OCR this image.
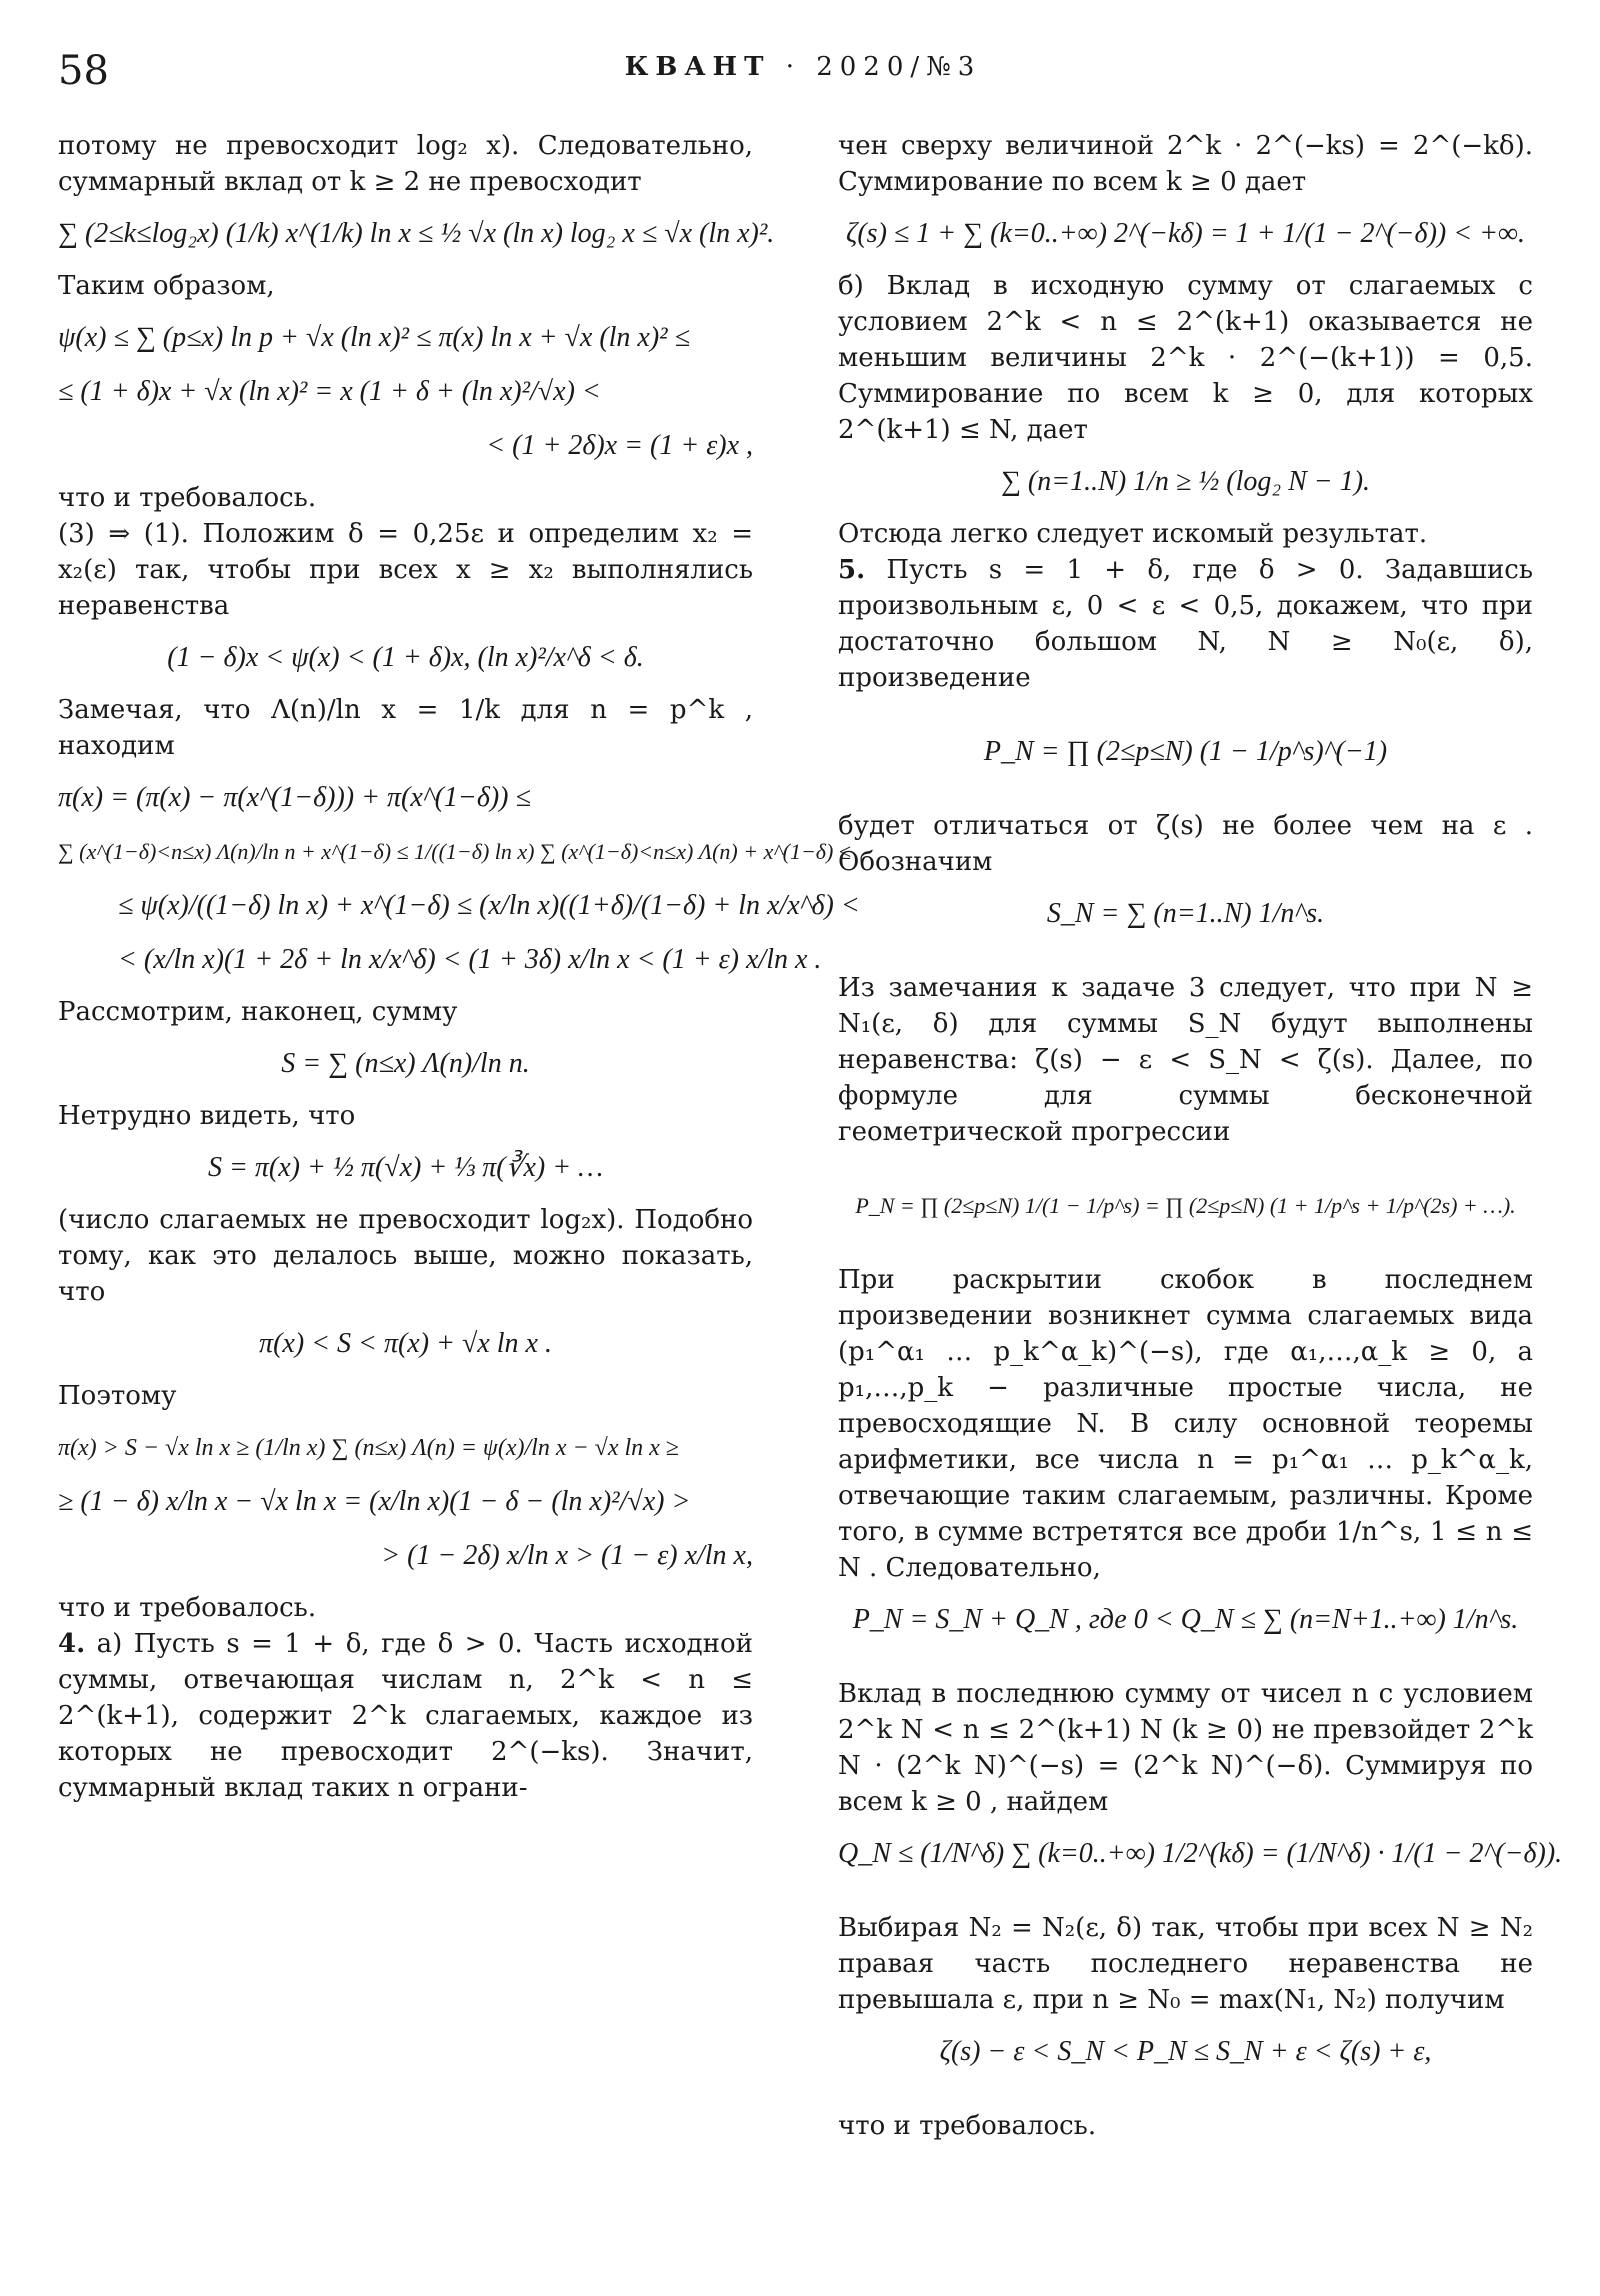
58	КВАНТ · 2020/№3

потому не превосходит log₂ x). Следовательно, суммарный вклад от k ≥ 2 не превосходит

∑ (2≤k≤log₂x) (1/k) x^(1/k) ln x ≤ ½ √x (ln x) log₂ x ≤ √x (ln x)².

Таким образом,

ψ(x) ≤ ∑ (p≤x) ln p + √x (ln x)² ≤ π(x) ln x + √x (ln x)² ≤
≤ (1 + δ)x + √x (ln x)² = x (1 + δ + (ln x)²/√x) <
< (1 + 2δ)x = (1 + ε)x ,

что и требовалось.

(3) ⇒ (1). Положим δ = 0,25ε и определим x₂ = x₂(ε) так, чтобы при всех x ≥ x₂ выполнялись неравенства

(1 − δ)x < ψ(x) < (1 + δ)x, (ln x)²/x^δ < δ.

Замечая, что Λ(n)/ln x = 1/k для n = p^k , находим

π(x) = (π(x) − π(x^(1−δ))) + π(x^(1−δ)) ≤
∑ (x^(1−δ)<n≤x) Λ(n)/ln n + x^(1−δ) ≤ 1/((1−δ) ln x) ∑ (x^(1−δ)<n≤x) Λ(n) + x^(1−δ) ≤
≤ ψ(x)/((1−δ) ln x) + x^(1−δ) ≤ (x/ln x)((1+δ)/(1−δ) + ln x/x^δ) <
< (x/ln x)(1 + 2δ + ln x/x^δ) < (1 + 3δ) x/ln x < (1 + ε) x/ln x .

Рассмотрим, наконец, сумму

S = ∑ (n≤x) Λ(n)/ln n.

Нетрудно видеть, что

S = π(x) + ½ π(√x) + ⅓ π(∛x) + …

(число слагаемых не превосходит log₂x). Подобно тому, как это делалось выше, можно показать, что

π(x) < S < π(x) + √x ln x .

Поэтому

π(x) > S − √x ln x ≥ (1/ln x) ∑ (n≤x) Λ(n) = ψ(x)/ln x − √x ln x ≥
≥ (1 − δ) x/ln x − √x ln x = (x/ln x)(1 − δ − (ln x)²/√x) >
> (1 − 2δ) x/ln x > (1 − ε) x/ln x,

что и требовалось.

4. а) Пусть s = 1 + δ, где δ > 0. Часть исходной суммы, отвечающая числам n, 2^k < n ≤ 2^(k+1), содержит 2^k слагаемых, каждое из которых не превосходит 2^(−ks). Значит, суммарный вклад таких n ограни-

чен сверху величиной 2^k · 2^(−ks) = 2^(−kδ). Суммирование по всем k ≥ 0 дает

ζ(s) ≤ 1 + ∑ (k=0..+∞) 2^(−kδ) = 1 + 1/(1 − 2^(−δ)) < +∞.

б) Вклад в исходную сумму от слагаемых с условием 2^k < n ≤ 2^(k+1) оказывается не меньшим величины 2^k · 2^(−(k+1)) = 0,5. Суммирование по всем k ≥ 0, для которых 2^(k+1) ≤ N, дает

∑ (n=1..N) 1/n ≥ ½ (log₂ N − 1).

Отсюда легко следует искомый результат.

5. Пусть s = 1 + δ, где δ > 0. Задавшись произвольным ε, 0 < ε < 0,5, докажем, что при достаточно большом N, N ≥ N₀(ε, δ), произведение

P_N = ∏ (2≤p≤N) (1 − 1/p^s)^(−1)

будет отличаться от ζ(s) не более чем на ε . Обозначим

S_N = ∑ (n=1..N) 1/n^s.

Из замечания к задаче 3 следует, что при N ≥ N₁(ε, δ) для суммы S_N будут выполнены неравенства: ζ(s) − ε < S_N < ζ(s). Далее, по формуле для суммы бесконечной геометрической прогрессии

P_N = ∏ (2≤p≤N) 1/(1 − 1/p^s) = ∏ (2≤p≤N) (1 + 1/p^s + 1/p^(2s) + …).

При раскрытии скобок в последнем произведении возникнет сумма слагаемых вида (p₁^α₁ … p_k^α_k)^(−s), где α₁,…,α_k ≥ 0, а p₁,…,p_k − различные простые числа, не превосходящие N. В силу основной теоремы арифметики, все числа n = p₁^α₁ … p_k^α_k, отвечающие таким слагаемым, различны. Кроме того, в сумме встретятся все дроби 1/n^s, 1 ≤ n ≤ N . Следовательно,

P_N = S_N + Q_N , где 0 < Q_N ≤ ∑ (n=N+1..+∞) 1/n^s.

Вклад в последнюю сумму от чисел n с условием 2^k N < n ≤ 2^(k+1) N (k ≥ 0) не превзойдет 2^k N · (2^k N)^(−s) = (2^k N)^(−δ). Суммируя по всем k ≥ 0 , найдем

Q_N ≤ (1/N^δ) ∑ (k=0..+∞) 1/2^(kδ) = (1/N^δ) · 1/(1 − 2^(−δ)).

Выбирая N₂ = N₂(ε, δ) так, чтобы при всех N ≥ N₂ правая часть последнего неравенства не превышала ε, при n ≥ N₀ = max(N₁, N₂) получим

ζ(s) − ε < S_N < P_N ≤ S_N + ε < ζ(s) + ε,

что и требовалось.
